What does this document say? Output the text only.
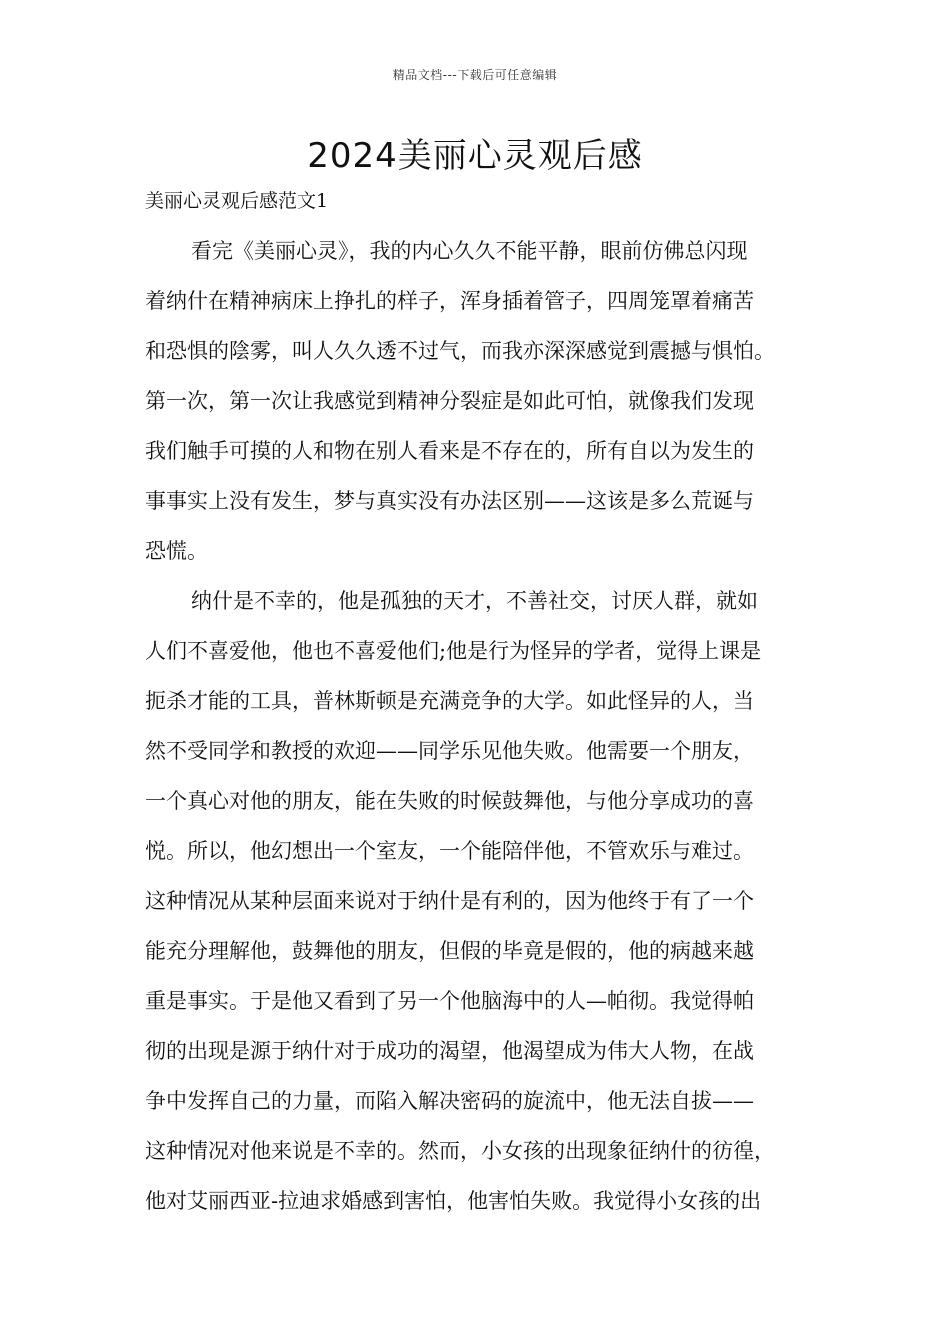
精品文档---下载后可任意编辑
2024美丽心灵观后感

美丽心灵观后感范文1

看完《美丽心灵》，我的内心久久不能平静，眼前仿佛总闪现
着纳什在精神病床上挣扎的样子，浑身插着管子，四周笼罩着痛苦
和恐惧的陰雾，叫人久久透不过气，而我亦深深感觉到震撼与惧怕。
第一次，第一次让我感觉到精神分裂症是如此可怕，就像我们发现
我们触手可摸的人和物在别人看来是不存在的，所有自以为发生的
事事实上没有发生，梦与真实没有办法区别——这该是多么荒诞与
恐慌。
纳什是不幸的，他是孤独的天才，不善社交，讨厌人群，就如
人们不喜爱他，他也不喜爱他们;他是行为怪异的学者，觉得上课是
扼杀才能的工具，普林斯顿是充满竞争的大学。如此怪异的人，当
然不受同学和教授的欢迎——同学乐见他失败。他需要一个朋友，
一个真心对他的朋友，能在失败的时候鼓舞他，与他分享成功的喜
悦。所以，他幻想出一个室友，一个能陪伴他，不管欢乐与难过。
这种情况从某种层面来说对于纳什是有利的，因为他终于有了一个
能充分理解他，鼓舞他的朋友，但假的毕竟是假的，他的病越来越
重是事实。于是他又看到了另一个他脑海中的人—帕彻。我觉得帕
彻的出现是源于纳什对于成功的渴望，他渴望成为伟大人物，在战
争中发挥自己的力量，而陷入解决密码的旋流中，他无法自拔——
这种情况对他来说是不幸的。然而，小女孩的出现象征纳什的彷徨，
他对艾丽西亚-拉迪求婚感到害怕，他害怕失败。我觉得小女孩的出
